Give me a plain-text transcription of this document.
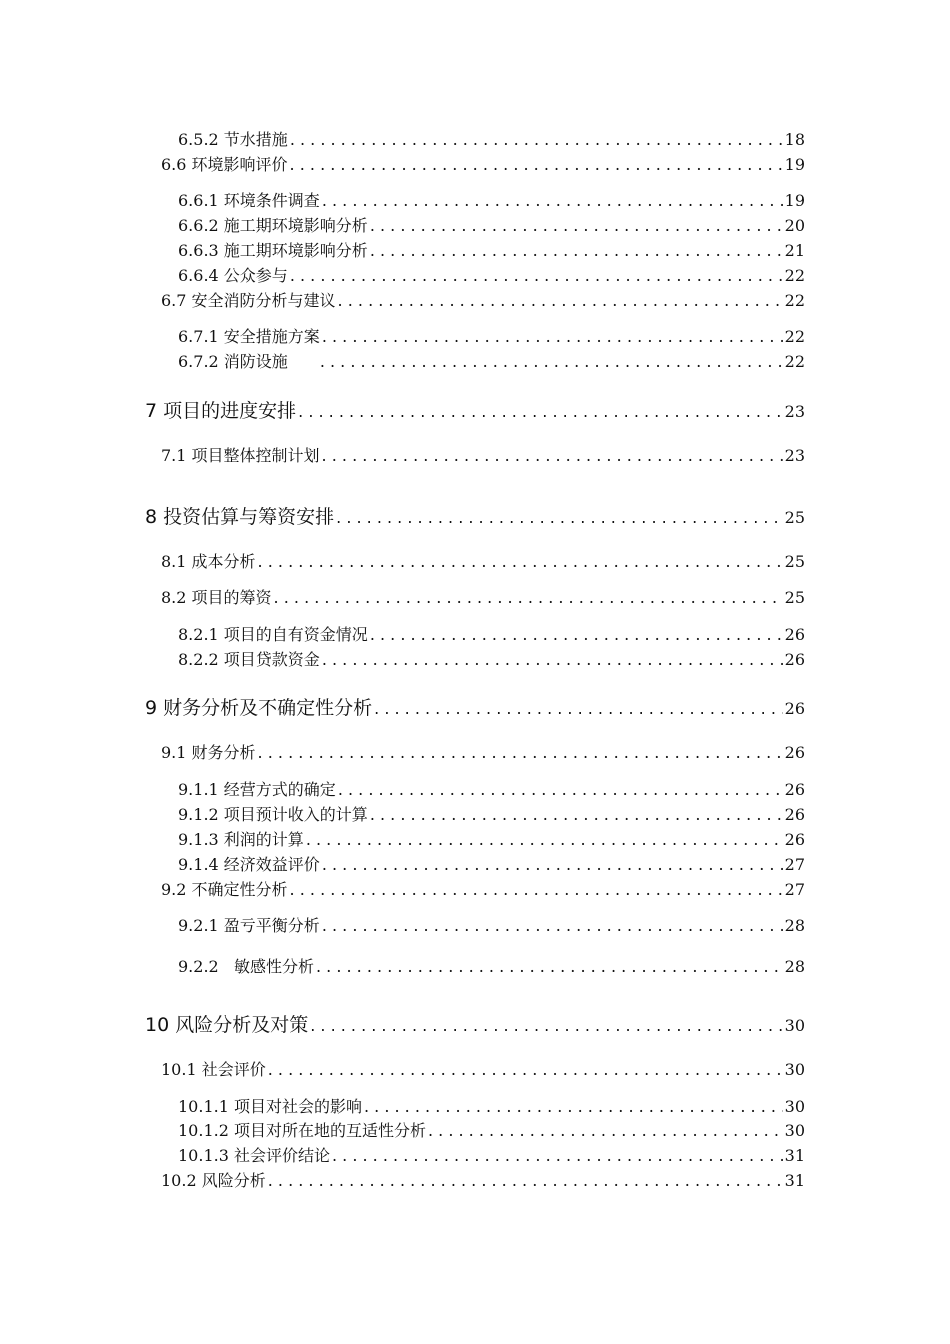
6.5.2 节水措施 . . .	18
6.6 环境影响评价 . . .	19
6.6.1 环境条件调查 . . .	19
6.6.2 施工期环境影响分析 . . .	20
6.6.3 施工期环境影响分析 . . .	21
6.6.4 公众参与 . . .	22
6.7 安全消防分析与建议 . . .	22
6.7.1 安全措施方案 . . .	22
6.7.2 消防设施 . . .	22
7 项目的进度安排 . . .	23
7.1 项目整体控制计划 . . .	23
8 投资估算与筹资安排 . . .	25
8.1 成本分析 . . .	25
8.2 项目的筹资 . . .	25
8.2.1 项目的自有资金情况 . . .	26
8.2.2 项目贷款资金 . . .	26
9 财务分析及不确定性分析 . . .	26
9.1 财务分析 . . .	26
9.1.1 经营方式的确定 . . .	26
9.1.2 项目预计收入的计算 . . .	26
9.1.3 利润的计算 . . .	26
9.1.4 经济效益评价 . . .	27
9.2 不确定性分析 . . .	27
9.2.1 盈亏平衡分析 . . .	28
9.2.2   敏感性分析 . . .	28
10 风险分析及对策 . . .	30
10.1 社会评价 . . .	30
10.1.1 项目对社会的影响 . . .	30
10.1.2 项目对所在地的互适性分析 . . .	30
10.1.3 社会评价结论 . . .	31
10.2 风险分析 . . .	31
